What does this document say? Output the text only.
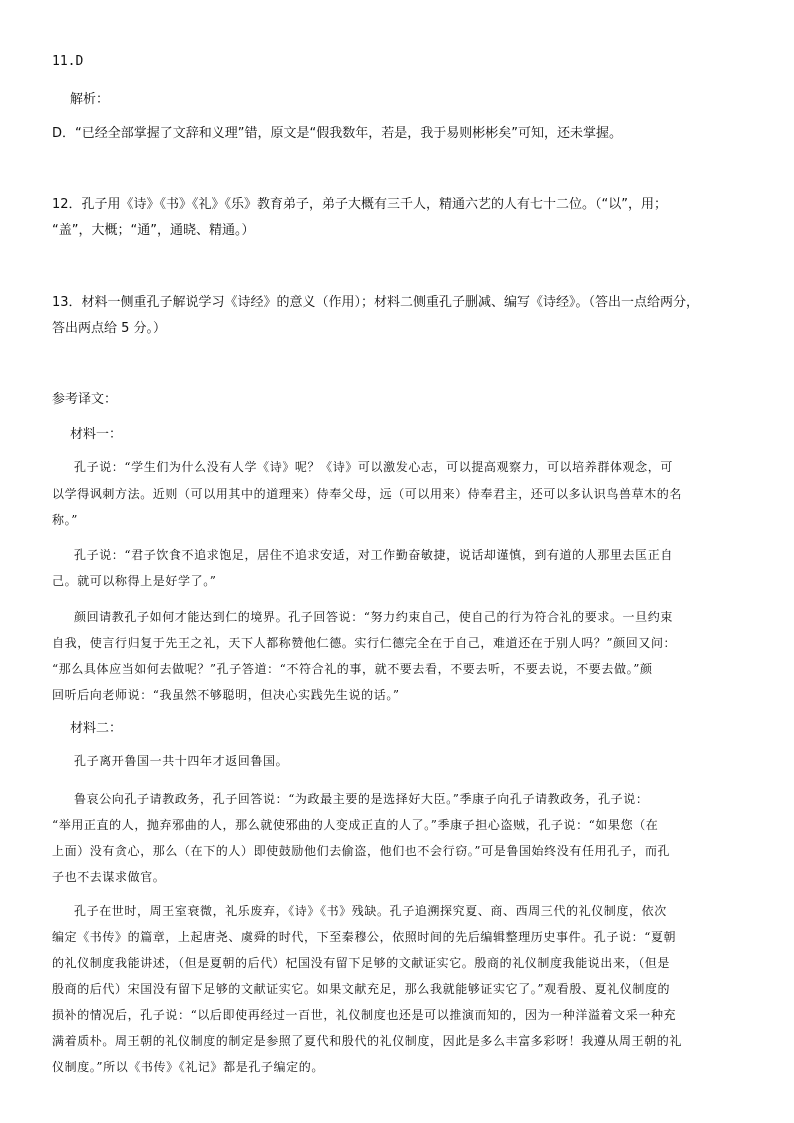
11.D
解析：
D．“已经全部掌握了文辞和义理”错，原文是“假我数年，若是，我于易则彬彬矣”可知，还未掌握。
12．孔子用《诗》《书》《礼》《乐》教育弟子，弟子大概有三千人，精通六艺的人有七十二位。（“以”，用；
“盖”，大概；“通”，通晓、精通。）
13．材料一侧重孔子解说学习《诗经》的意义（作用）；材料二侧重孔子删减、编写《诗经》。（答出一点给两分，
答出两点给 5 分。）
参考译文：
材料一：
孔子说：“学生们为什么没有人学《诗》呢？《诗》可以激发心志，可以提高观察力，可以培养群体观念，可
以学得讽刺方法。近则（可以用其中的道理来）侍奉父母，远（可以用来）侍奉君主，还可以多认识鸟兽草木的名
称。”
孔子说：“君子饮食不追求饱足，居住不追求安适，对工作勤奋敏捷，说话却谨慎，到有道的人那里去匡正自
己。就可以称得上是好学了。”
颜回请教孔子如何才能达到仁的境界。孔子回答说：“努力约束自己，使自己的行为符合礼的要求。一旦约束
自我，使言行归复于先王之礼，天下人都称赞他仁德。实行仁德完全在于自己，难道还在于别人吗？”颜回又问：
“那么具体应当如何去做呢？”孔子答道：“不符合礼的事，就不要去看，不要去听，不要去说，不要去做。”颜
回听后向老师说：“我虽然不够聪明，但决心实践先生说的话。”
材料二：
孔子离开鲁国一共十四年才返回鲁国。
鲁哀公向孔子请教政务，孔子回答说：“为政最主要的是选择好大臣。”季康子向孔子请教政务，孔子说：
“举用正直的人，抛弃邪曲的人，那么就使邪曲的人变成正直的人了。”季康子担心盗贼，孔子说：“如果您（在
上面）没有贪心，那么（在下的人）即使鼓励他们去偷盗，他们也不会行窃。”可是鲁国始终没有任用孔子，而孔
子也不去谋求做官。
孔子在世时，周王室衰微，礼乐废弃，《诗》《书》残缺。孔子追溯探究夏、商、西周三代的礼仪制度，依次
编定《书传》的篇章，上起唐尧、虞舜的时代，下至秦穆公，依照时间的先后编辑整理历史事件。孔子说：“夏朝
的礼仪制度我能讲述，（但是夏朝的后代）杞国没有留下足够的文献证实它。殷商的礼仪制度我能说出来，（但是
殷商的后代）宋国没有留下足够的文献证实它。如果文献充足，那么我就能够证实它了。”观看殷、夏礼仪制度的
损补的情况后，孔子说：“以后即使再经过一百世，礼仪制度也还是可以推演而知的，因为一种洋溢着文采一种充
满着质朴。周王朝的礼仪制度的制定是参照了夏代和殷代的礼仪制度，因此是多么丰富多彩呀！我遵从周王朝的礼
仪制度。”所以《书传》《礼记》都是孔子编定的。
